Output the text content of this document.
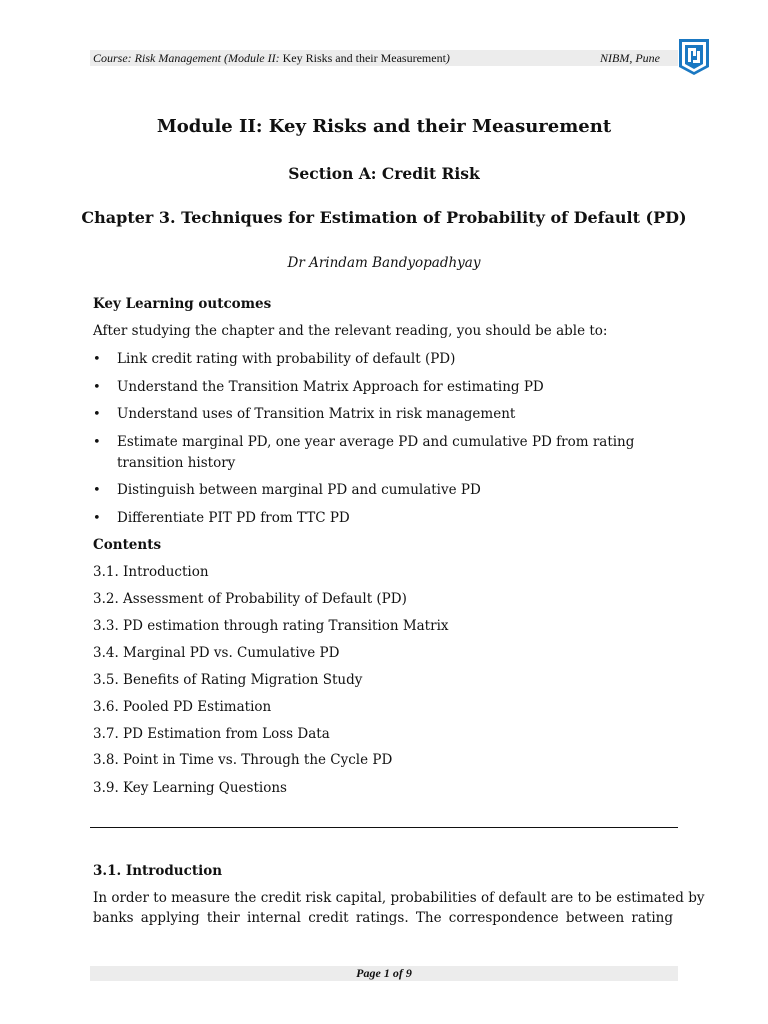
Course: Risk Management (Module II: Key Risks and their Measurement)	NIBM, Pune
Module II: Key Risks and their Measurement
Section A: Credit Risk
Chapter 3. Techniques for Estimation of Probability of Default (PD)
Dr Arindam Bandyopadhyay
Key Learning outcomes
After studying the chapter and the relevant reading, you should be able to:
• Link credit rating with probability of default (PD)
• Understand the Transition Matrix Approach for estimating PD
• Understand uses of Transition Matrix in risk management
• Estimate marginal PD, one year average PD and cumulative PD from rating
transition history
• Distinguish between marginal PD and cumulative PD
• Differentiate PIT PD from TTC PD
Contents
3.1. Introduction
3.2. Assessment of Probability of Default (PD)
3.3. PD estimation through rating Transition Matrix
3.4. Marginal PD vs. Cumulative PD
3.5. Benefits of Rating Migration Study
3.6. Pooled PD Estimation
3.7. PD Estimation from Loss Data
3.8. Point in Time vs. Through the Cycle PD
3.9. Key Learning Questions
3.1. Introduction
In order to measure the credit risk capital, probabilities of default are to be estimated by
banks applying their internal credit ratings. The correspondence between rating
Page 1 of 9
